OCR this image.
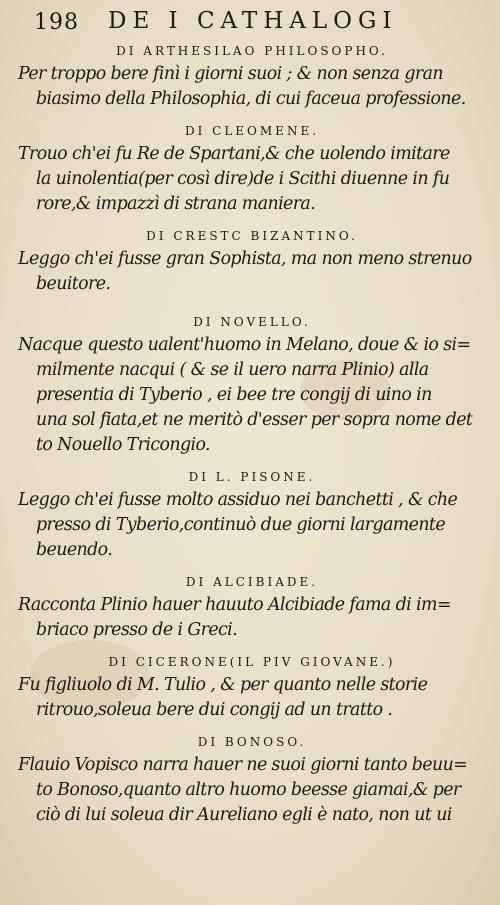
198 DE I CATHALOGI
DI ARTHESILAO PHILOSOPHO.
Per troppo bere finì i giorni suoi ; & non senza gran
biasimo della Philosophia, di cui faceua professione.
DI CLEOMENE.
Trouo ch'ei fu Re de Spartani,& che uolendo imitare
la uinolentia(per così dire)de i Scithi diuenne in fu
rore,& impazzì di strana maniera.
DI CRESTC BIZANTINO.
Leggo ch'ei fusse gran Sophista, ma non meno strenuo
beuitore.
DI NOVELLO.
Nacque questo ualent'huomo in Melano, doue & io si=
milmente nacqui ( & se il uero narra Plinio) alla
presentia di Tyberio , ei bee tre congij di uino in
una sol fiata,et ne meritò d'esser per sopra nome det
to Nouello Tricongio.
DI L. PISONE.
Leggo ch'ei fusse molto assiduo nei banchetti , & che
presso di Tyberio,continuò due giorni largamente
beuendo.
DI ALCIBIADE.
Racconta Plinio hauer hauuto Alcibiade fama di im=
briaco presso de i Greci.
DI CICERONE(IL PIV GIOVANE.)
Fu figliuolo di M. Tulio , & per quanto nelle storie
ritrouo,soleua bere dui congij ad un tratto .
DI BONOSO.
Flauio Vopisco narra hauer ne suoi giorni tanto beuu=
to Bonoso,quanto altro huomo beesse giamai,& per
ciò di lui soleua dir Aureliano egli è nato, non ut ui
